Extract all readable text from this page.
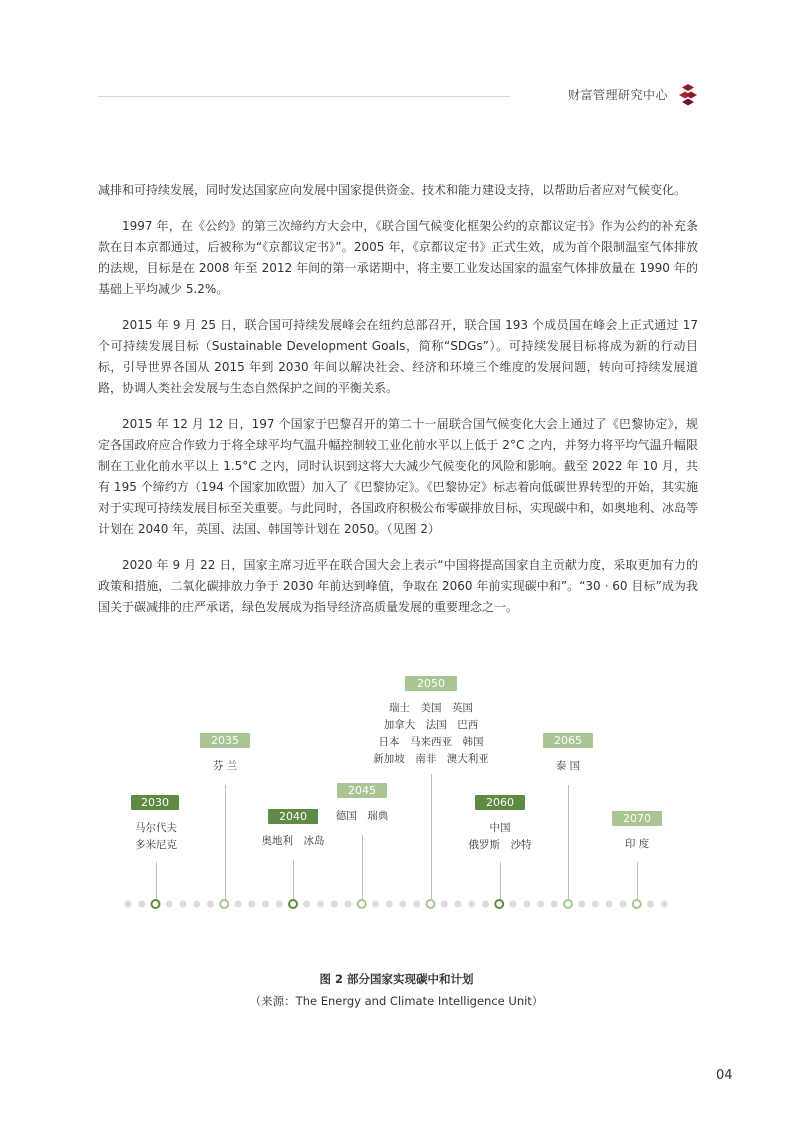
财富管理研究中心

减排和可持续发展，同时发达国家应向发展中国家提供资金、技术和能力建设支持，以帮助后者应对气候变化。

1997 年，在《公约》的第三次缔约方大会中，《联合国气候变化框架公约的京都议定书》作为公约的补充条款在日本京都通过，后被称为“《京都议定书》”。2005 年，《京都议定书》正式生效，成为首个限制温室气体排放的法规，目标是在 2008 年至 2012 年间的第一承诺期中，将主要工业发达国家的温室气体排放量在 1990 年的基础上平均减少 5.2%。

2015 年 9 月 25 日，联合国可持续发展峰会在纽约总部召开，联合国 193 个成员国在峰会上正式通过 17 个可持续发展目标（Sustainable Development Goals，简称“SDGs”）。可持续发展目标将成为新的行动目标，引导世界各国从 2015 年到 2030 年间以解决社会、经济和环境三个维度的发展问题，转向可持续发展道路，协调人类社会发展与生态自然保护之间的平衡关系。

2015 年 12 月 12 日，197 个国家于巴黎召开的第二十一届联合国气候变化大会上通过了《巴黎协定》，规定各国政府应合作致力于将全球平均气温升幅控制较工业化前水平以上低于 2°C 之内，并努力将平均气温升幅限制在工业化前水平以上 1.5°C 之内，同时认识到这将大大减少气候变化的风险和影响。截至 2022 年 10 月，共有 195 个缔约方（194 个国家加欧盟）加入了《巴黎协定》。《巴黎协定》标志着向低碳世界转型的开始，其实施对于实现可持续发展目标至关重要。与此同时，各国政府积极公布零碳排放目标，实现碳中和，如奥地利、冰岛等计划在 2040 年，英国、法国、韩国等计划在 2050。（见图 2）

2020 年 9 月 22 日，国家主席习近平在联合国大会上表示“中国将提高国家自主贡献力度，采取更加有力的政策和措施，二氧化碳排放力争于 2030 年前达到峰值，争取在 2060 年前实现碳中和”。“30 · 60 目标”成为我国关于碳减排的庄严承诺，绿色发展成为指导经济高质量发展的重要理念之一。

2030
马尔代夫
多米尼克
2035
芬 兰
2040
奥地利　冰岛
2045
德国　瑞典
2050
瑞士　美国　英国
加拿大　法国　巴西
日本　马来西亚　韩国
新加坡　南非　澳大利亚
2060
中国
俄罗斯　沙特
2065
泰 国
2070
印 度
图 2 部分国家实现碳中和计划
（来源：The Energy and Climate Intelligence Unit）
04
